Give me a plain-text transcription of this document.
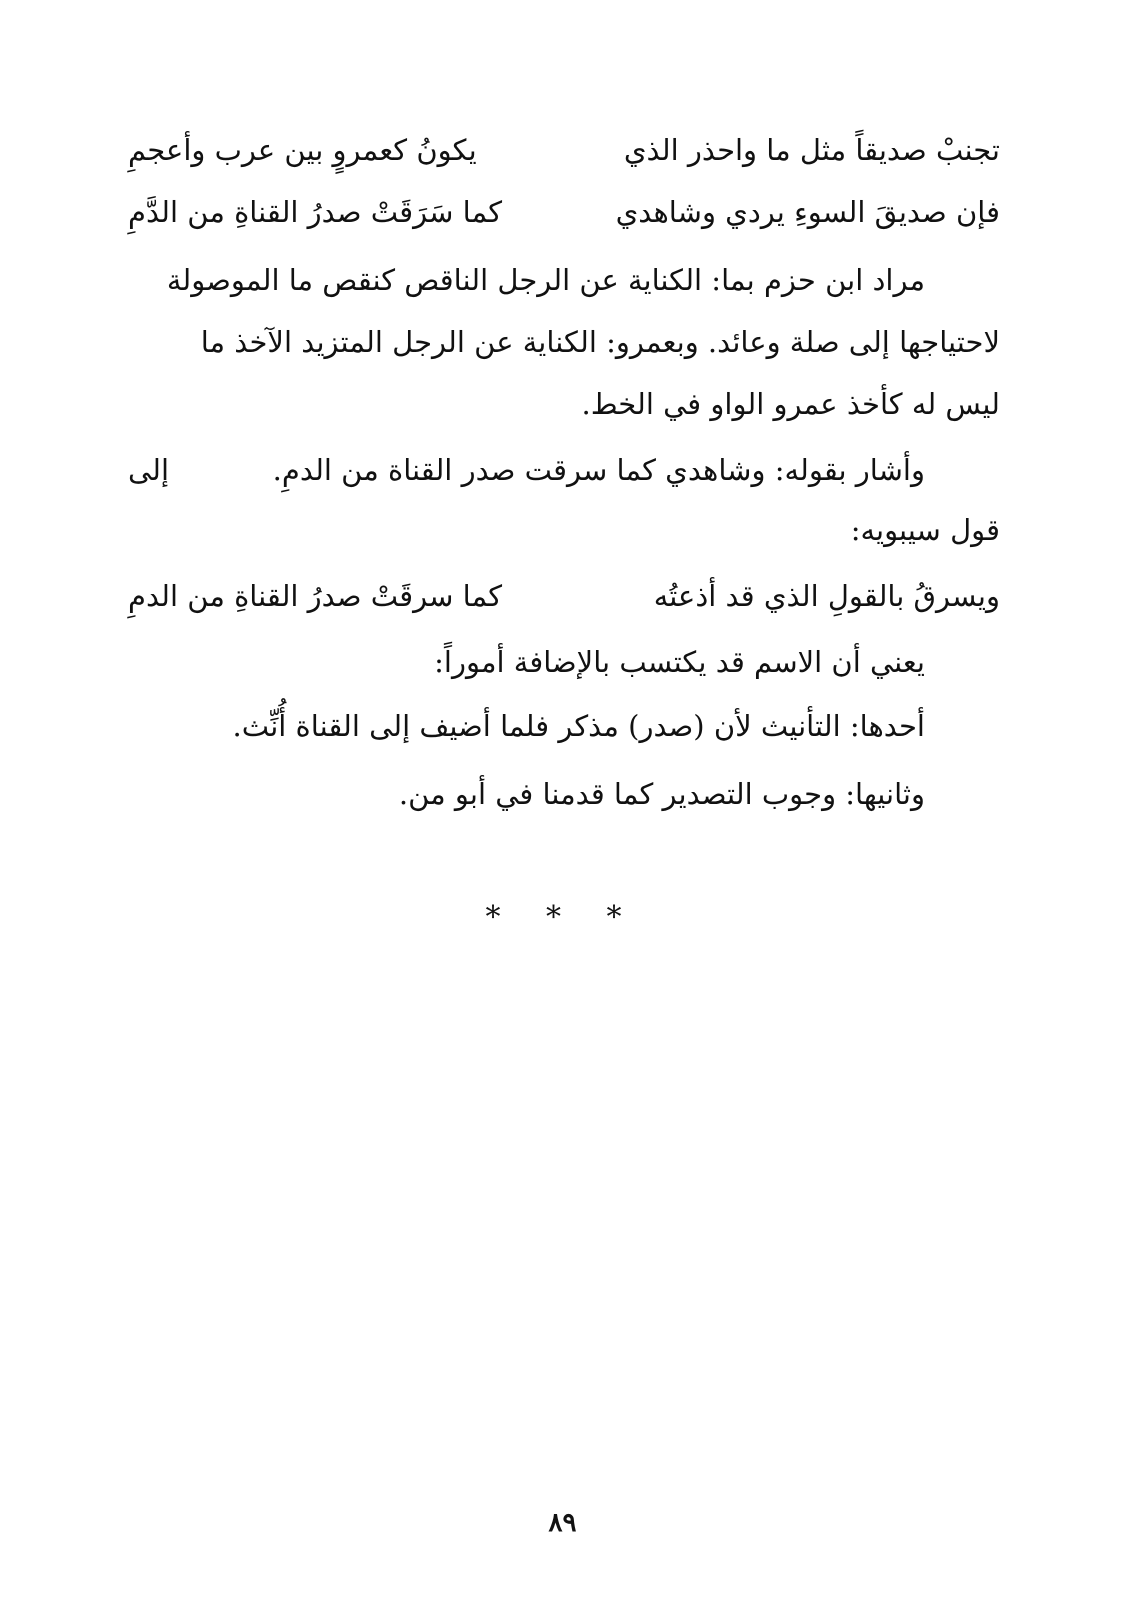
تجنبْ صديقاً مثل ما واحذر الذي
يكونُ كعمروٍ بين عرب وأعجمِ
فإن صديقَ السوءِ يردي وشاهدي
كما سَرَقَتْ صدرُ القناةِ من الدَّمِ
مراد ابن حزم بما: الكناية عن الرجل الناقص كنقص ما الموصولة
لاحتياجها إلى صلة وعائد. وبعمرو: الكناية عن الرجل المتزيد الآخذ ما
ليس له كأخذ عمرو الواو في الخط.
وأشار بقوله: وشاهدي كما سرقت صدر القناة من الدمِ.
إلى
قول سيبويه:
ويسرقُ بالقولِ الذي قد أذعتُه
كما سرقَتْ صدرُ القناةِ من الدمِ
يعني أن الاسم قد يكتسب بالإضافة أموراً:
أحدها: التأنيث لأن (صدر) مذكر فلما أضيف إلى القناة أُنِّث.
وثانيها: وجوب التصدير كما قدمنا في أبو من.
* * *
٨٩
